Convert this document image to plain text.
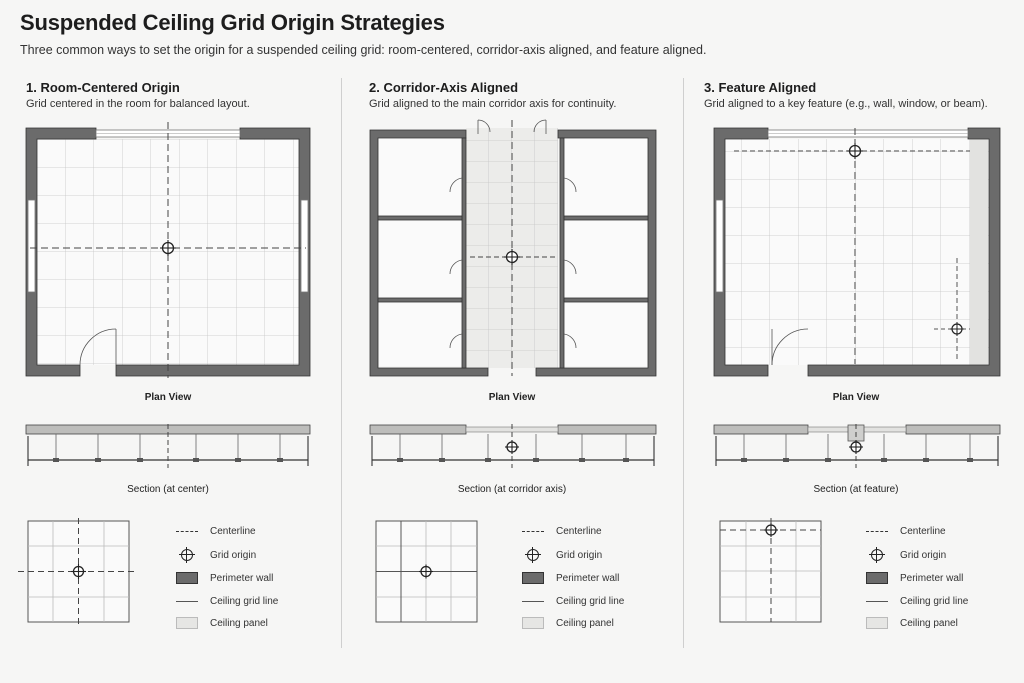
Suspended Ceiling Grid Origin Strategies
Three common ways to set the origin for a suspended ceiling grid: room-centered, corridor-axis aligned, and feature aligned.
1. Room-Centered Origin
Grid centered in the room for balanced layout.
Plan View
Section (at center)
Centerline
Grid origin
Perimeter wall
Ceiling grid line
Ceiling panel
2. Corridor-Axis Aligned
Grid aligned to the main corridor axis for continuity.
Plan View
Section (at corridor axis)
Centerline
Grid origin
Perimeter wall
Ceiling grid line
Ceiling panel
3. Feature Aligned
Grid aligned to a key feature (e.g., wall, window, or beam).
Plan View
Section (at feature)
Centerline
Grid origin
Perimeter wall
Ceiling grid line
Ceiling panel
